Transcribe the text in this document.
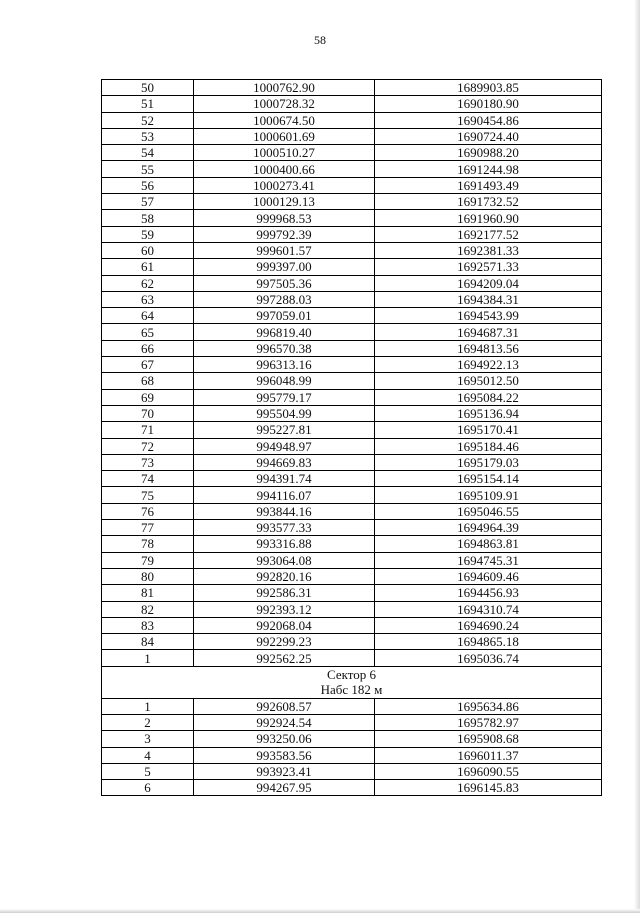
58
50	1000762.90	1689903.85
51	1000728.32	1690180.90
52	1000674.50	1690454.86
53	1000601.69	1690724.40
54	1000510.27	1690988.20
55	1000400.66	1691244.98
56	1000273.41	1691493.49
57	1000129.13	1691732.52
58	999968.53	1691960.90
59	999792.39	1692177.52
60	999601.57	1692381.33
61	999397.00	1692571.33
62	997505.36	1694209.04
63	997288.03	1694384.31
64	997059.01	1694543.99
65	996819.40	1694687.31
66	996570.38	1694813.56
67	996313.16	1694922.13
68	996048.99	1695012.50
69	995779.17	1695084.22
70	995504.99	1695136.94
71	995227.81	1695170.41
72	994948.97	1695184.46
73	994669.83	1695179.03
74	994391.74	1695154.14
75	994116.07	1695109.91
76	993844.16	1695046.55
77	993577.33	1694964.39
78	993316.88	1694863.81
79	993064.08	1694745.31
80	992820.16	1694609.46
81	992586.31	1694456.93
82	992393.12	1694310.74
83	992068.04	1694690.24
84	992299.23	1694865.18
1	992562.25	1695036.74

Сектор 6
Набс 182 м		

1	992608.57	1695634.86
2	992924.54	1695782.97
3	993250.06	1695908.68
4	993583.56	1696011.37
5	993923.41	1696090.55
6	994267.95	1696145.83
